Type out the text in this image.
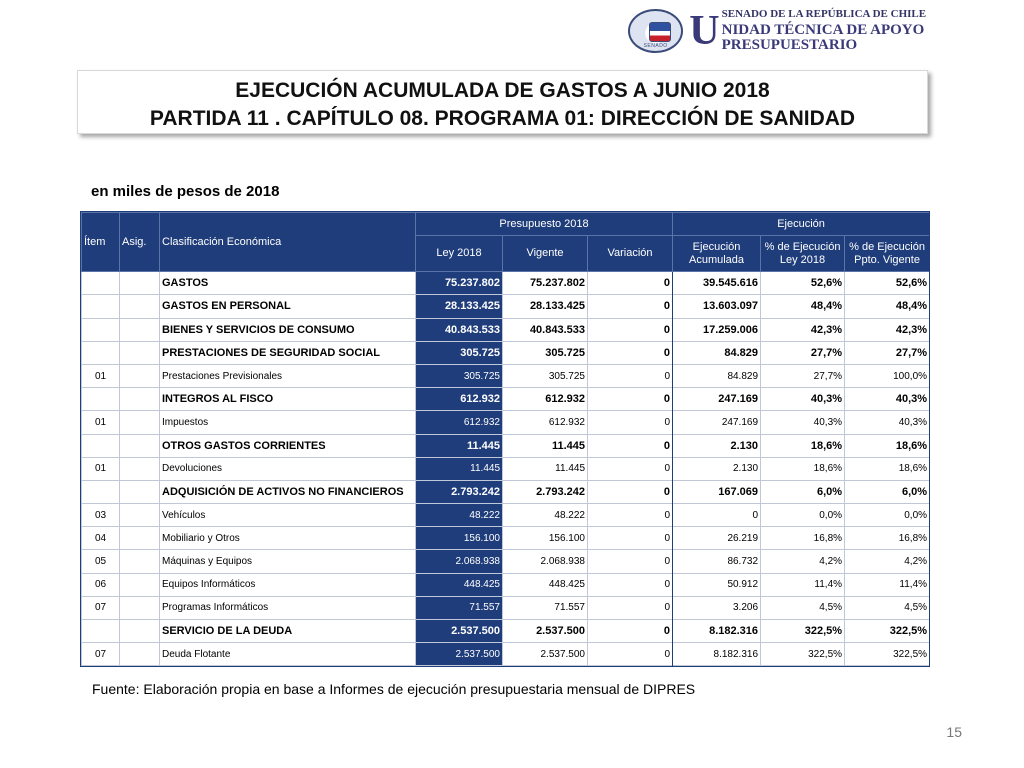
SENADO U SENADO DE LA REPÚBLICA DE CHILE
NIDAD TÉCNICA DE APOYO PRESUPUESTARIO
EJECUCIÓN ACUMULADA DE GASTOS A JUNIO 2018
PARTIDA 11 . CAPÍTULO 08. PROGRAMA 01: DIRECCIÓN DE SANIDAD
en miles de pesos de 2018
Ítem	Asig.	Clasificación Económica	Presupuesto 2018			Ejecución		
			Ley 2018	Vigente	Variación	Ejecución Acumulada	% de Ejecución Ley 2018	% de Ejecución Ppto. Vigente
		GASTOS	75.237.802	75.237.802	0	39.545.616	52,6%	52,6%
		GASTOS EN PERSONAL	28.133.425	28.133.425	0	13.603.097	48,4%	48,4%
		BIENES Y SERVICIOS DE CONSUMO	40.843.533	40.843.533	0	17.259.006	42,3%	42,3%
		PRESTACIONES DE SEGURIDAD SOCIAL	305.725	305.725	0	84.829	27,7%	27,7%
01		Prestaciones Previsionales	305.725	305.725	0	84.829	27,7%	100,0%
		INTEGROS AL FISCO	612.932	612.932	0	247.169	40,3%	40,3%
01		Impuestos	612.932	612.932	0	247.169	40,3%	40,3%
		OTROS GASTOS CORRIENTES	11.445	11.445	0	2.130	18,6%	18,6%
01		Devoluciones	11.445	11.445	0	2.130	18,6%	18,6%
		ADQUISICIÓN DE ACTIVOS NO FINANCIEROS	2.793.242	2.793.242	0	167.069	6,0%	6,0%
03		Vehículos	48.222	48.222	0	0	0,0%	0,0%
04		Mobiliario y Otros	156.100	156.100	0	26.219	16,8%	16,8%
05		Máquinas y Equipos	2.068.938	2.068.938	0	86.732	4,2%	4,2%
06		Equipos Informáticos	448.425	448.425	0	50.912	11,4%	11,4%
07		Programas Informáticos	71.557	71.557	0	3.206	4,5%	4,5%
		SERVICIO DE LA DEUDA	2.537.500	2.537.500	0	8.182.316	322,5%	322,5%
07		Deuda Flotante	2.537.500	2.537.500	0	8.182.316	322,5%	322,5%
Fuente: Elaboración propia en base a Informes de ejecución presupuestaria mensual de DIPRES
15
